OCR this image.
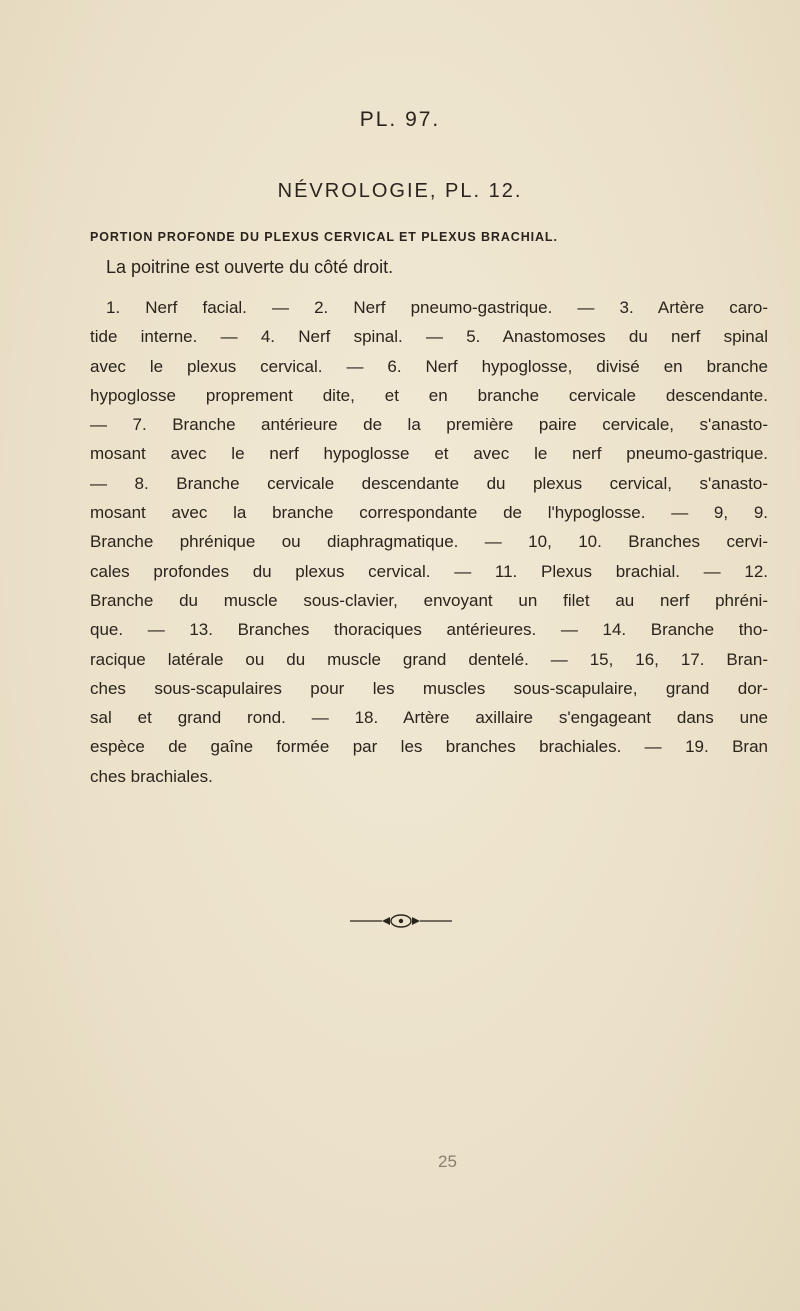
PL. 97.
NÉVROLOGIE, PL. 12.
PORTION PROFONDE DU PLEXUS CERVICAL ET PLEXUS BRACHIAL.
La poitrine est ouverte du côté droit.
1. Nerf facial. — 2. Nerf pneumo-gastrique. — 3. Artère caro-
tide interne. — 4. Nerf spinal. — 5. Anastomoses du nerf spinal
avec le plexus cervical. — 6. Nerf hypoglosse, divisé en branche
hypoglosse proprement dite, et en branche cervicale descendante.
— 7. Branche antérieure de la première paire cervicale, s'anasto-
mosant avec le nerf hypoglosse et avec le nerf pneumo-gastrique.
— 8. Branche cervicale descendante du plexus cervical, s'anasto-
mosant avec la branche correspondante de l'hypoglosse. — 9, 9.
Branche phrénique ou diaphragmatique. — 10, 10. Branches cervi-
cales profondes du plexus cervical. — 11. Plexus brachial. — 12.
Branche du muscle sous-clavier, envoyant un filet au nerf phréni-
que. — 13. Branches thoraciques antérieures. — 14. Branche tho-
racique latérale ou du muscle grand dentelé. — 15, 16, 17. Bran-
ches sous-scapulaires pour les muscles sous-scapulaire, grand dor-
sal et grand rond. — 18. Artère axillaire s'engageant dans une
espèce de gaîne formée par les branches brachiales. — 19. Bran
ches brachiales.
25
